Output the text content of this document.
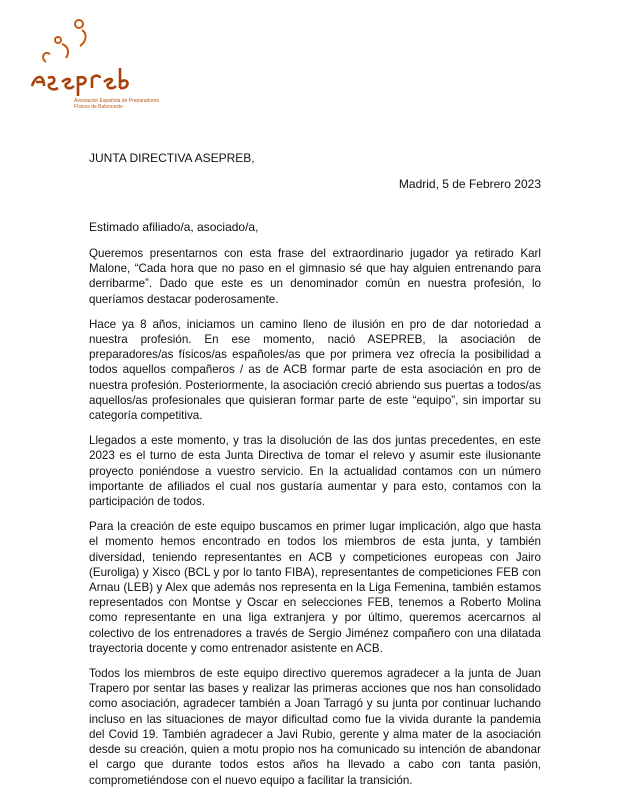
Asociación Española de Preparadores Físicos de Baloncesto
JUNTA DIRECTIVA ASEPREB,
Madrid, 5 de Febrero 2023
Estimado afiliado/a, asociado/a,

Queremos presentarnos con esta frase del extraordinario jugador ya retirado Karl Malone, “Cada hora que no paso en el gimnasio sé que hay alguien entrenando para derribarme”. Dado que este es un denominador común en nuestra profesión, lo queríamos destacar poderosamente.

Hace ya 8 años, iniciamos un camino lleno de ilusión en pro de dar notoriedad a nuestra profesión. En ese momento, nació ASEPREB, la asociación de preparadores/as físicos/as españoles/as que por primera vez ofrecía la posibilidad a todos aquellos compañeros / as de ACB formar parte de esta asociación en pro de nuestra profesión. Posteriormente, la asociación creció abriendo sus puertas a todos/as aquellos/as profesionales que quisieran formar parte de este “equipo”, sin importar su categoría competitiva.

Llegados a este momento, y tras la disolución de las dos juntas precedentes, en este 2023 es el turno de esta Junta Directiva de tomar el relevo y asumir este ilusionante proyecto poniéndose a vuestro servicio. En la actualidad contamos con un número importante de afiliados el cual nos gustaría aumentar y para esto, contamos con la participación de todos.

Para la creación de este equipo buscamos en primer lugar implicación, algo que hasta el momento hemos encontrado en todos los miembros de esta junta, y también diversidad, teniendo representantes en ACB y competiciones europeas con Jairo (Euroliga) y Xisco (BCL y por lo tanto FIBA), representantes de competiciones FEB con Arnau (LEB) y Alex que además nos representa en la Liga Femenina, también estamos representados con Montse y Oscar en selecciones FEB, tenemos a Roberto Molina como representante en una liga extranjera y por último, queremos acercarnos al colectivo de los entrenadores a través de Sergio Jiménez compañero con una dilatada trayectoria docente y como entrenador asistente en ACB.

Todos los miembros de este equipo directivo queremos agradecer a la junta de Juan Trapero por sentar las bases y realizar las primeras acciones que nos han consolidado como asociación, agradecer también a Joan Tarragó y su junta por continuar luchando incluso en las situaciones de mayor dificultad como fue la vivida durante la pandemia del Covid 19. También agradecer a Javi Rubio, gerente y alma mater de la asociación desde su creación, quien a motu propio nos ha comunicado su intención de abandonar el cargo que durante todos estos años ha llevado a cabo con tanta pasión, comprometiéndose con el nuevo equipo a facilitar la transición.
